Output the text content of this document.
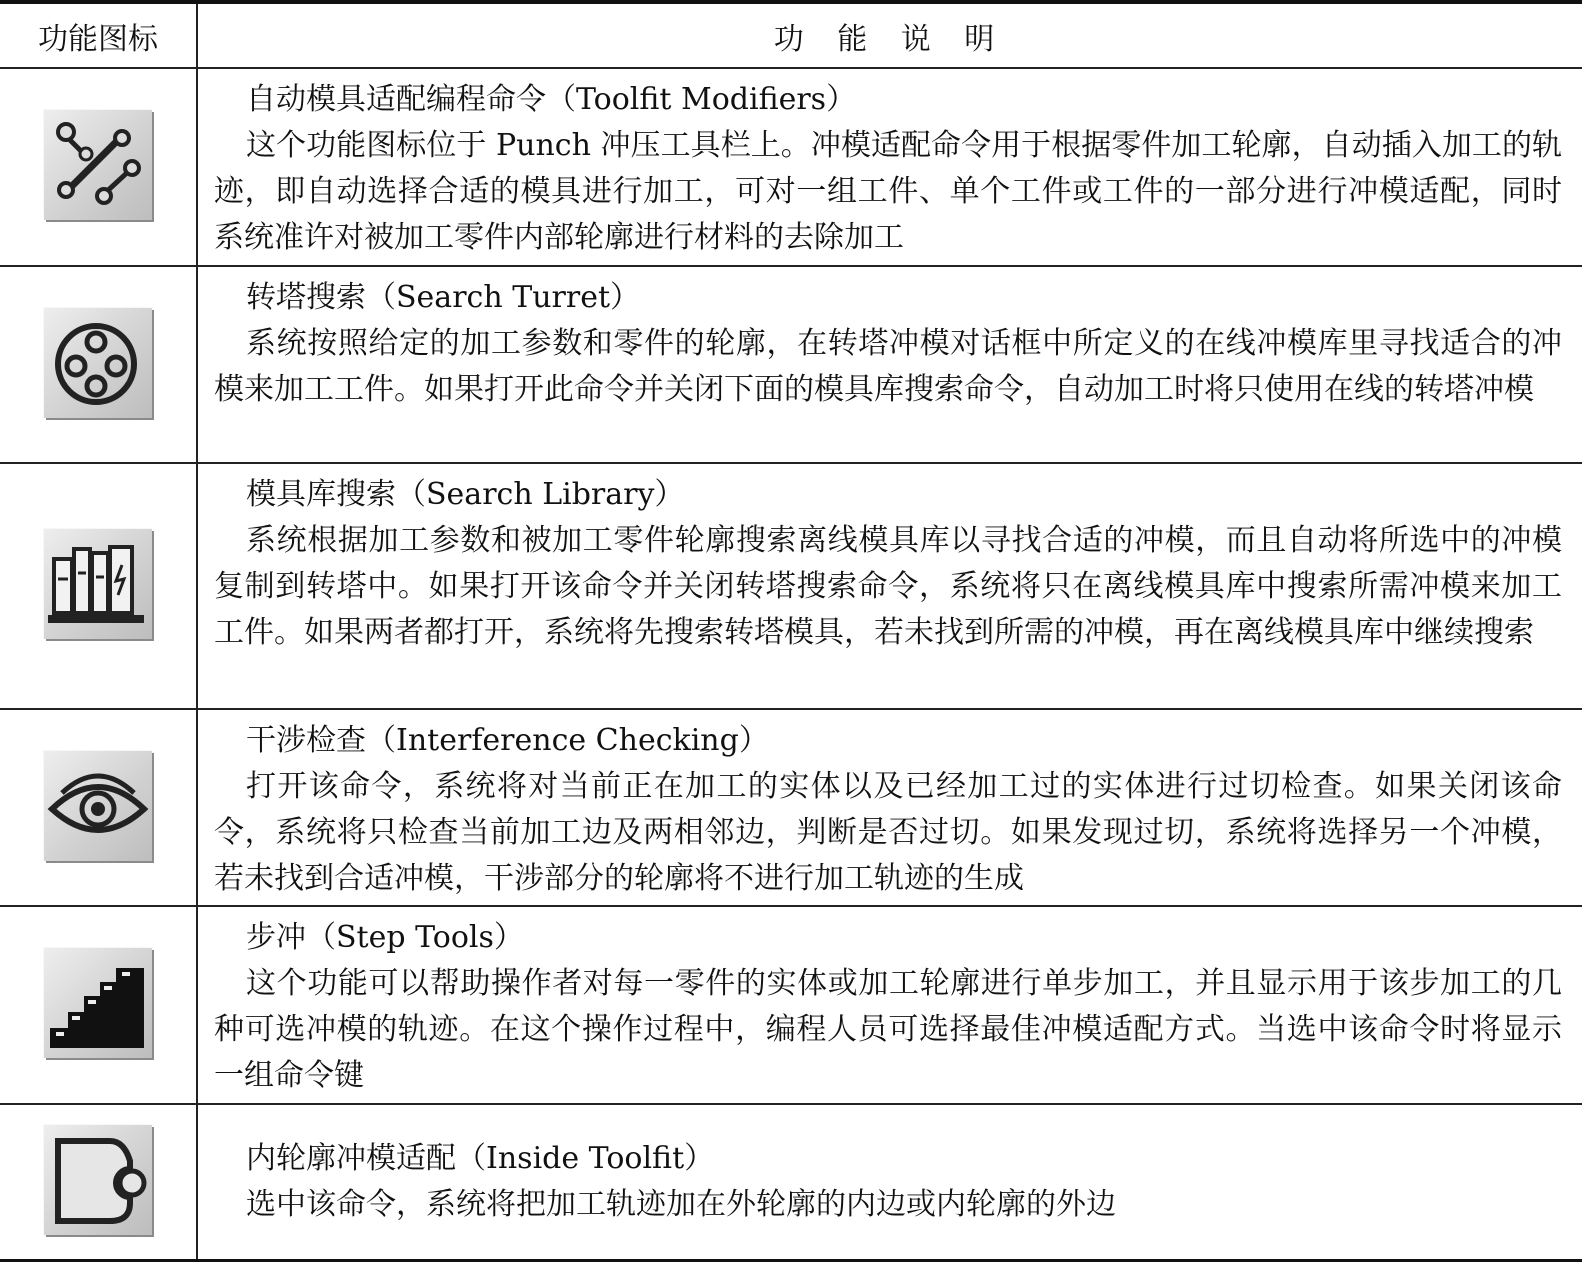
功能图标	功 能 说 明

自动模具适配编程命令（Toolfit Modifiers）
这个功能图标位于 Punch 冲压工具栏上。冲模适配命令用于根据零件加工轮廓，自动插入加工的轨迹，即自动选择合适的模具进行加工，可对一组工件、单个工件或工件的一部分进行冲模适配，同时系统准许对被加工零件内部轮廓进行材料的去除加工

转塔搜索（Search Turret）
系统按照给定的加工参数和零件的轮廓，在转塔冲模对话框中所定义的在线冲模库里寻找适合的冲模来加工工件。如果打开此命令并关闭下面的模具库搜索命令，自动加工时将只使用在线的转塔冲模

模具库搜索（Search Library）
系统根据加工参数和被加工零件轮廓搜索离线模具库以寻找合适的冲模，而且自动将所选中的冲模复制到转塔中。如果打开该命令并关闭转塔搜索命令，系统将只在离线模具库中搜索所需冲模来加工工件。如果两者都打开，系统将先搜索转塔模具，若未找到所需的冲模，再在离线模具库中继续搜索

干涉检查（Interference Checking）
打开该命令，系统将对当前正在加工的实体以及已经加工过的实体进行过切检查。如果关闭该命令，系统将只检查当前加工边及两相邻边，判断是否过切。如果发现过切，系统将选择另一个冲模，若未找到合适冲模，干涉部分的轮廓将不进行加工轨迹的生成

步冲（Step Tools）
这个功能可以帮助操作者对每一零件的实体或加工轮廓进行单步加工，并且显示用于该步加工的几种可选冲模的轨迹。在这个操作过程中，编程人员可选择最佳冲模适配方式。当选中该命令时将显示一组命令键

内轮廓冲模适配（Inside Toolfit）
选中该命令，系统将把加工轨迹加在外轮廓的内边或内轮廓的外边
